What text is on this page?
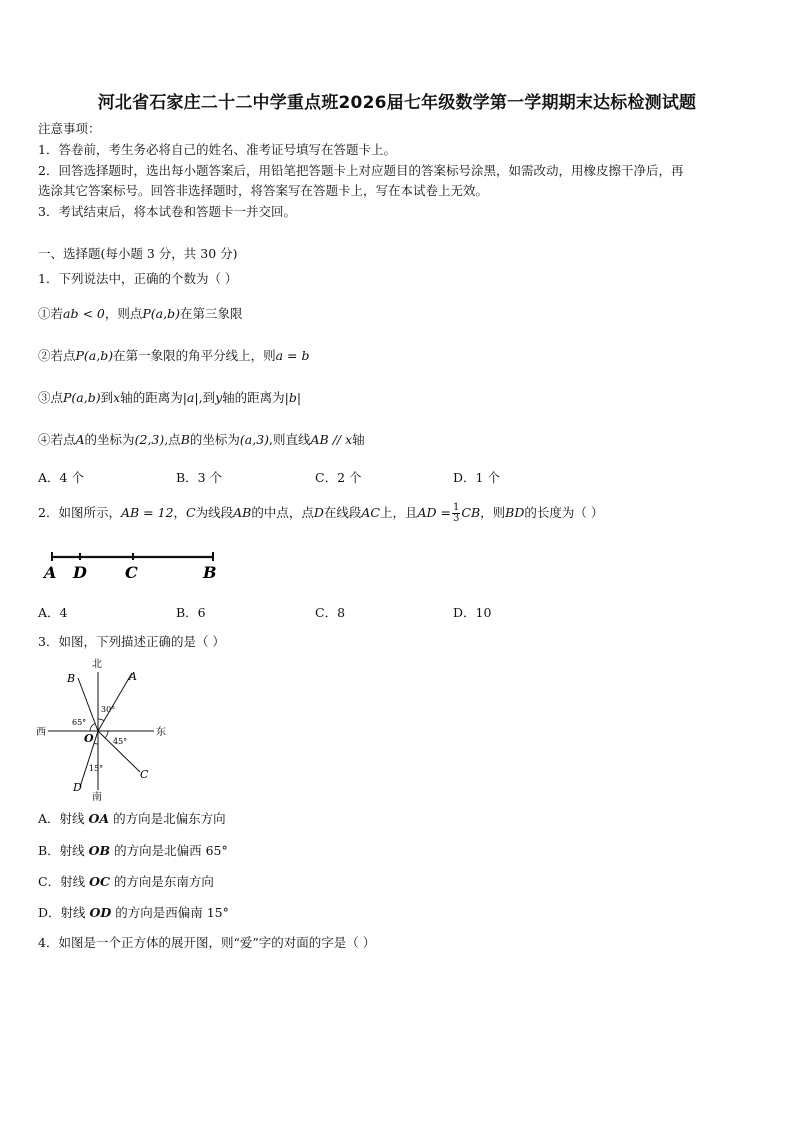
河北省石家庄二十二中学重点班2026届七年级数学第一学期期末达标检测试题
注意事项：
1．答卷前，考生务必将自己的姓名、准考证号填写在答题卡上。
2．回答选择题时，选出每小题答案后，用铅笔把答题卡上对应题目的答案标号涂黑，如需改动，用橡皮擦干净后，再
选涂其它答案标号。回答非选择题时，将答案写在答题卡上，写在本试卷上无效。
3．考试结束后，将本试卷和答题卡一并交回。
一、选择题(每小题 3 分，共 30 分)
1．下列说法中，正确的个数为（ ）
①若ab < 0，则点P(a,b)在第三象限
②若点P(a,b)在第一象限的角平分线上，则a = b
③点P(a,b)到x轴的距离为|a|,到y轴的距离为|b|
④若点A的坐标为(2,3),点B的坐标为(a,3),则直线AB // x轴
A．4 个	B．3 个	C．2 个	D．1 个
2．如图所示，AB = 12，C为线段AB的中点，点D在线段AC上，且AD = $\frac{1}{3}$ CB，则BD的长度为（ ）
A D C	B
A．4	B．6	C．8	D．10
3．如图，下列描述正确的是（ ）
北
南
西	东
O
A
B
C
D
30°
65°
45°
15°
A．射线 OA 的方向是北偏东方向
B．射线 OB 的方向是北偏西 65°
C．射线 OC 的方向是东南方向
D．射线 OD 的方向是西偏南 15°
4．如图是一个正方体的展开图，则“爱”字的对面的字是（ ）
